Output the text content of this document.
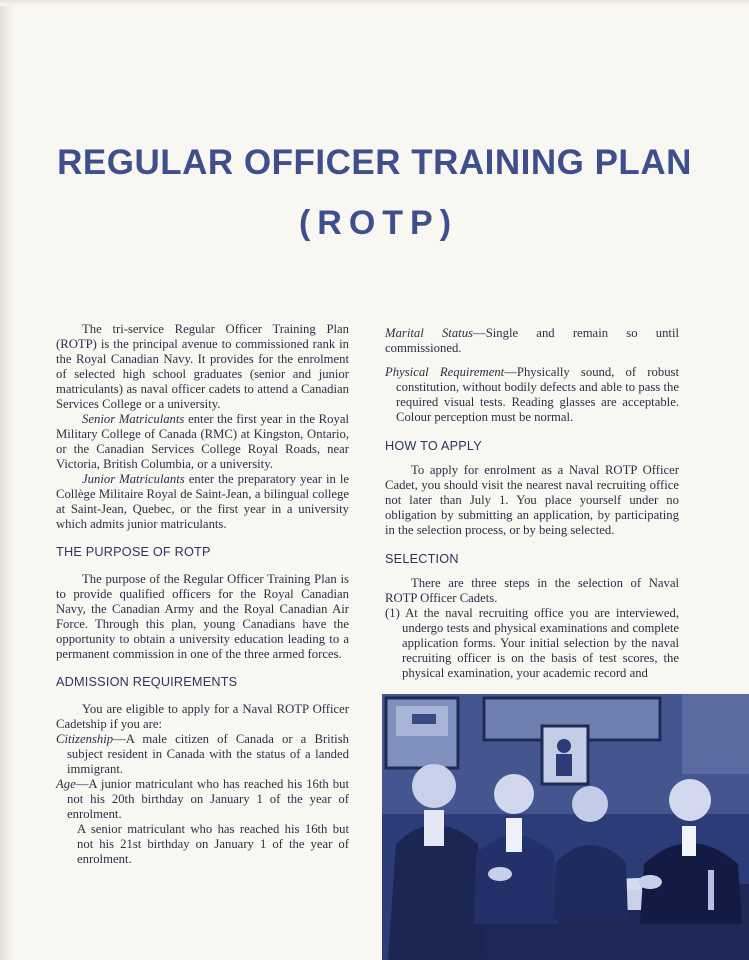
REGULAR OFFICER TRAINING PLAN
(ROTP)

The tri-service Regular Officer Training Plan (ROTP) is the principal avenue to commissioned rank in the Royal Canadian Navy. It provides for the enrolment of selected high school graduates (senior and junior matriculants) as naval officer cadets to attend a Canadian Services College or a university.

Senior Matriculants enter the first year in the Royal Military College of Canada (RMC) at Kingston, Ontario, or the Canadian Services College Royal Roads, near Victoria, British Columbia, or a university.

Junior Matriculants enter the preparatory year in le Collège Militaire Royal de Saint-Jean, a bilingual college at Saint-Jean, Quebec, or the first year in a university which admits junior matriculants.

THE PURPOSE OF ROTP

The purpose of the Regular Officer Training Plan is to provide qualified officers for the Royal Canadian Navy, the Canadian Army and the Royal Canadian Air Force. Through this plan, young Canadians have the opportunity to obtain a university education leading to a permanent commission in one of the three armed forces.

ADMISSION REQUIREMENTS

You are eligible to apply for a Naval ROTP Officer Cadetship if you are:

Citizenship—A male citizen of Canada or a British subject resident in Canada with the status of a landed immigrant.

Age—A junior matriculant who has reached his 16th but not his 20th birthday on January 1 of the year of enrolment.

A senior matriculant who has reached his 16th but not his 21st birthday on January 1 of the year of enrolment.

Marital Status—Single and remain so until commissioned.

Physical Requirement—Physically sound, of robust constitution, without bodily defects and able to pass the required visual tests. Reading glasses are acceptable. Colour perception must be normal.

HOW TO APPLY

To apply for enrolment as a Naval ROTP Officer Cadet, you should visit the nearest naval recruiting office not later than July 1. You place yourself under no obligation by submitting an application, by participating in the selection process, or by being selected.

SELECTION

There are three steps in the selection of Naval ROTP Officer Cadets.

(1) At the naval recruiting office you are interviewed, undergo tests and physical examinations and complete application forms. Your initial selection by the naval recruiting officer is on the basis of test scores, the physical examination, your academic record and
